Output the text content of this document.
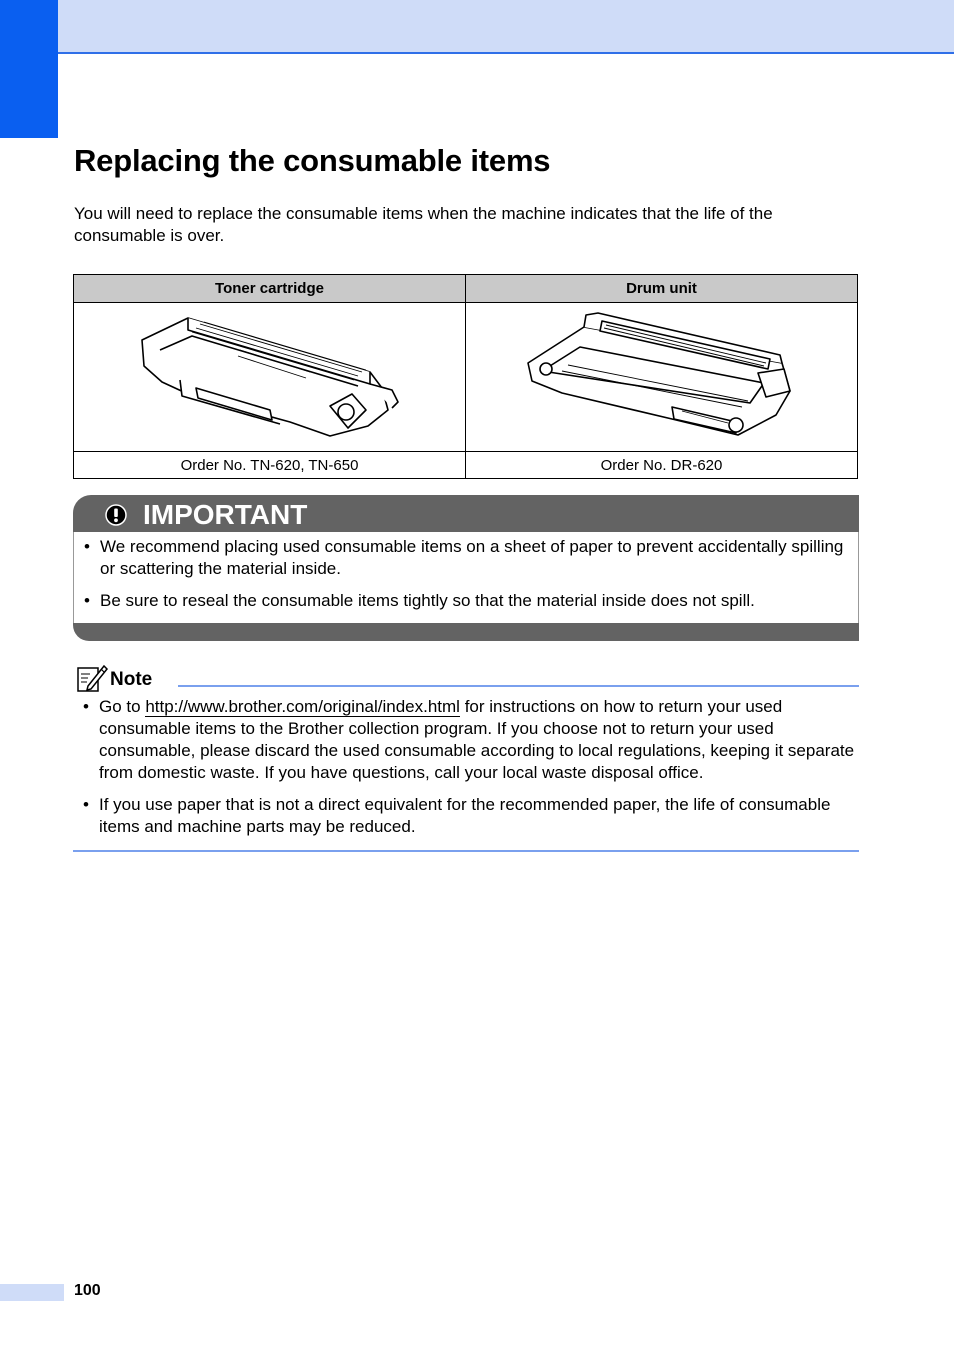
Replacing the consumable items

You will need to replace the consumable items when the machine indicates that the life of the consumable is over.

Toner cartridge	Drum unit

Order No. TN-620, TN-650	Order No. DR-620
IMPORTANT
• We recommend placing used consumable items on a sheet of paper to prevent accidentally spilling or scattering the material inside.
• Be sure to reseal the consumable items tightly so that the material inside does not spill.
Note
• Go to http://www.brother.com/original/index.html for instructions on how to return your used consumable items to the Brother collection program. If you choose not to return your used consumable, please discard the used consumable according to local regulations, keeping it separate from domestic waste. If you have questions, call your local waste disposal office.
• If you use paper that is not a direct equivalent for the recommended paper, the life of consumable items and machine parts may be reduced.
100
